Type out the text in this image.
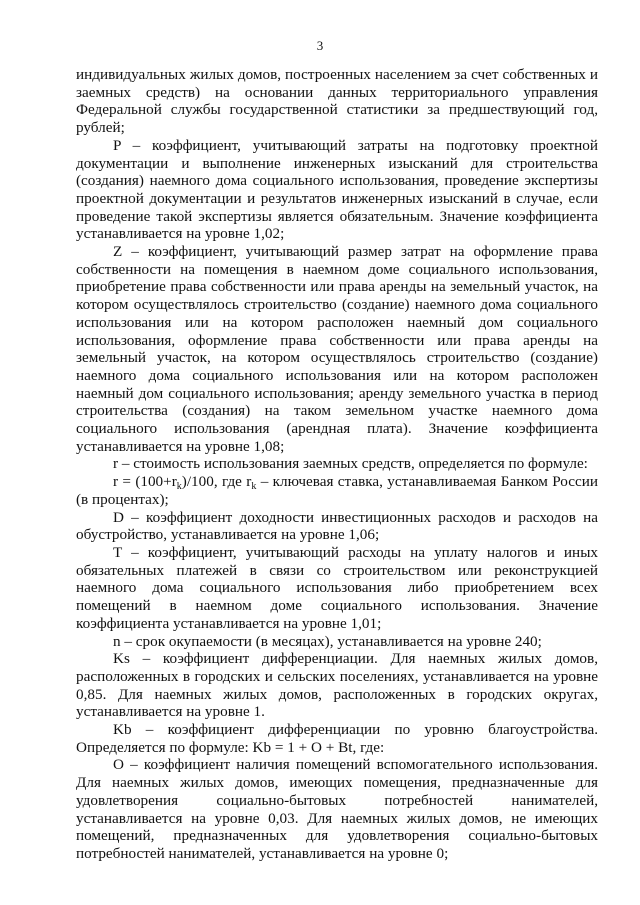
3

индивидуальных жилых домов, построенных населением за счет собственных и заемных средств) на основании данных территориального управления Федеральной службы государственной статистики за предшествующий год, рублей;

P – коэффициент, учитывающий затраты на подготовку проектной документации и выполнение инженерных изысканий для строительства (создания) наемного дома социального использования, проведение экспертизы проектной документации и результатов инженерных изысканий в случае, если проведение такой экспертизы является обязательным. Значение коэффициента устанавливается на уровне 1,02;

Z – коэффициент, учитывающий размер затрат на оформление права собственности на помещения в наемном доме социального использования, приобретение права собственности или права аренды на земельный участок, на котором осуществлялось строительство (создание) наемного дома социального использования или на котором расположен наемный дом социального использования, оформление права собственности или права аренды на земельный участок, на котором осуществлялось строительство (создание) наемного дома социального использования или на котором расположен наемный дом социального использования; аренду земельного участка в период строительства (создания) на таком земельном участке наемного дома социального использования (арендная плата). Значение коэффициента устанавливается на уровне 1,08;

r – стоимость использования заемных средств, определяется по формуле:

$r = (100+r_k)/100$, где $r_k$ – ключевая ставка, устанавливаемая Банком России (в процентах);

D – коэффициент доходности инвестиционных расходов и расходов на обустройство, устанавливается на уровне 1,06;

T – коэффициент, учитывающий расходы на уплату налогов и иных обязательных платежей в связи со строительством или реконструкцией наемного дома социального использования либо приобретением всех помещений в наемном доме социального использования. Значение коэффициента устанавливается на уровне 1,01;

n – срок окупаемости (в месяцах), устанавливается на уровне 240;

Ks – коэффициент дифференциации. Для наемных жилых домов, расположенных в городских и сельских поселениях, устанавливается на уровне 0,85. Для наемных жилых домов, расположенных в городских округах, устанавливается на уровне 1.

Kb – коэффициент дифференциации по уровню благоустройства. Определяется по формуле: Kb = 1 + O + Bt, где:

O – коэффициент наличия помещений вспомогательного использования. Для наемных жилых домов, имеющих помещения, предназначенные для удовлетворения социально-бытовых потребностей нанимателей, устанавливается на уровне 0,03. Для наемных жилых домов, не имеющих помещений, предназначенных для удовлетворения социально-бытовых потребностей нанимателей, устанавливается на уровне 0;
